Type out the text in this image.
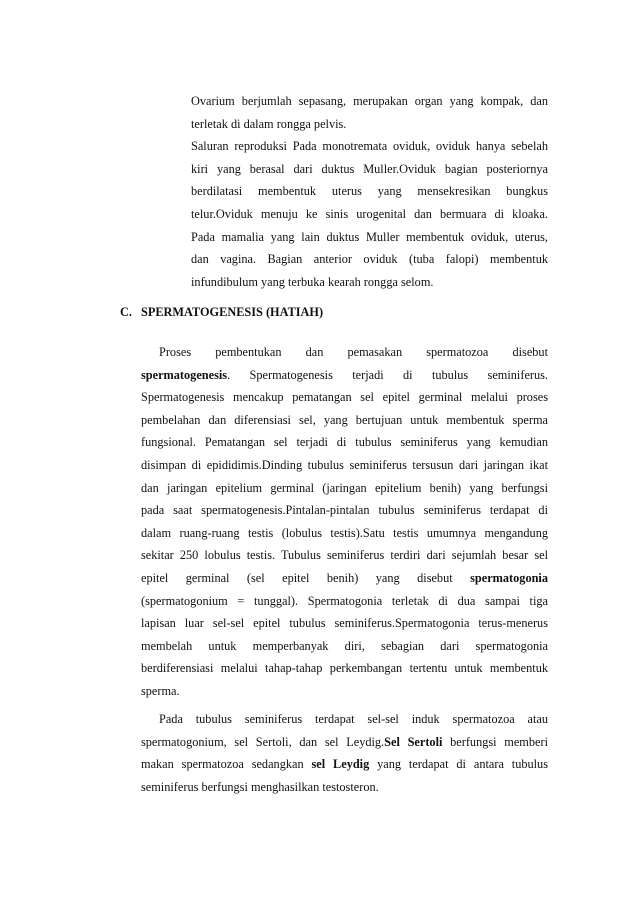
Ovarium berjumlah sepasang, merupakan organ yang kompak, dan
terletak di dalam rongga pelvis.
Saluran reproduksi Pada monotremata oviduk, oviduk hanya sebelah
kiri yang berasal dari duktus Muller.Oviduk bagian posteriornya
berdilatasi membentuk uterus yang mensekresikan bungkus
telur.Oviduk menuju ke sinis urogenital dan bermuara di kloaka.
Pada mamalia yang lain duktus Muller membentuk oviduk, uterus,
dan vagina. Bagian anterior oviduk (tuba falopi) membentuk
infundibulum yang terbuka kearah rongga selom.
C. SPERMATOGENESIS (HATIAH)
Proses pembentukan dan pemasakan spermatozoa disebut
spermatogenesis. Spermatogenesis terjadi di tubulus seminiferus.
Spermatogenesis mencakup pematangan sel epitel germinal melalui proses
pembelahan dan diferensiasi sel, yang bertujuan untuk membentuk sperma
fungsional. Pematangan sel terjadi di tubulus seminiferus yang kemudian
disimpan di epididimis.Dinding tubulus seminiferus tersusun dari jaringan ikat
dan jaringan epitelium germinal (jaringan epitelium benih) yang berfungsi
pada saat spermatogenesis.Pintalan-pintalan tubulus seminiferus terdapat di
dalam ruang-ruang testis (lobulus testis).Satu testis umumnya mengandung
sekitar 250 lobulus testis. Tubulus seminiferus terdiri dari sejumlah besar sel
epitel germinal (sel epitel benih) yang disebut spermatogonia
(spermatogonium = tunggal). Spermatogonia terletak di dua sampai tiga
lapisan luar sel-sel epitel tubulus seminiferus.Spermatogonia terus-menerus
membelah untuk memperbanyak diri, sebagian dari spermatogonia
berdiferensiasi melalui tahap-tahap perkembangan tertentu untuk membentuk
sperma.
Pada tubulus seminiferus terdapat sel-sel induk spermatozoa atau
spermatogonium, sel Sertoli, dan sel Leydig.Sel Sertoli berfungsi memberi
makan spermatozoa sedangkan sel Leydig yang terdapat di antara tubulus
seminiferus berfungsi menghasilkan testosteron.
